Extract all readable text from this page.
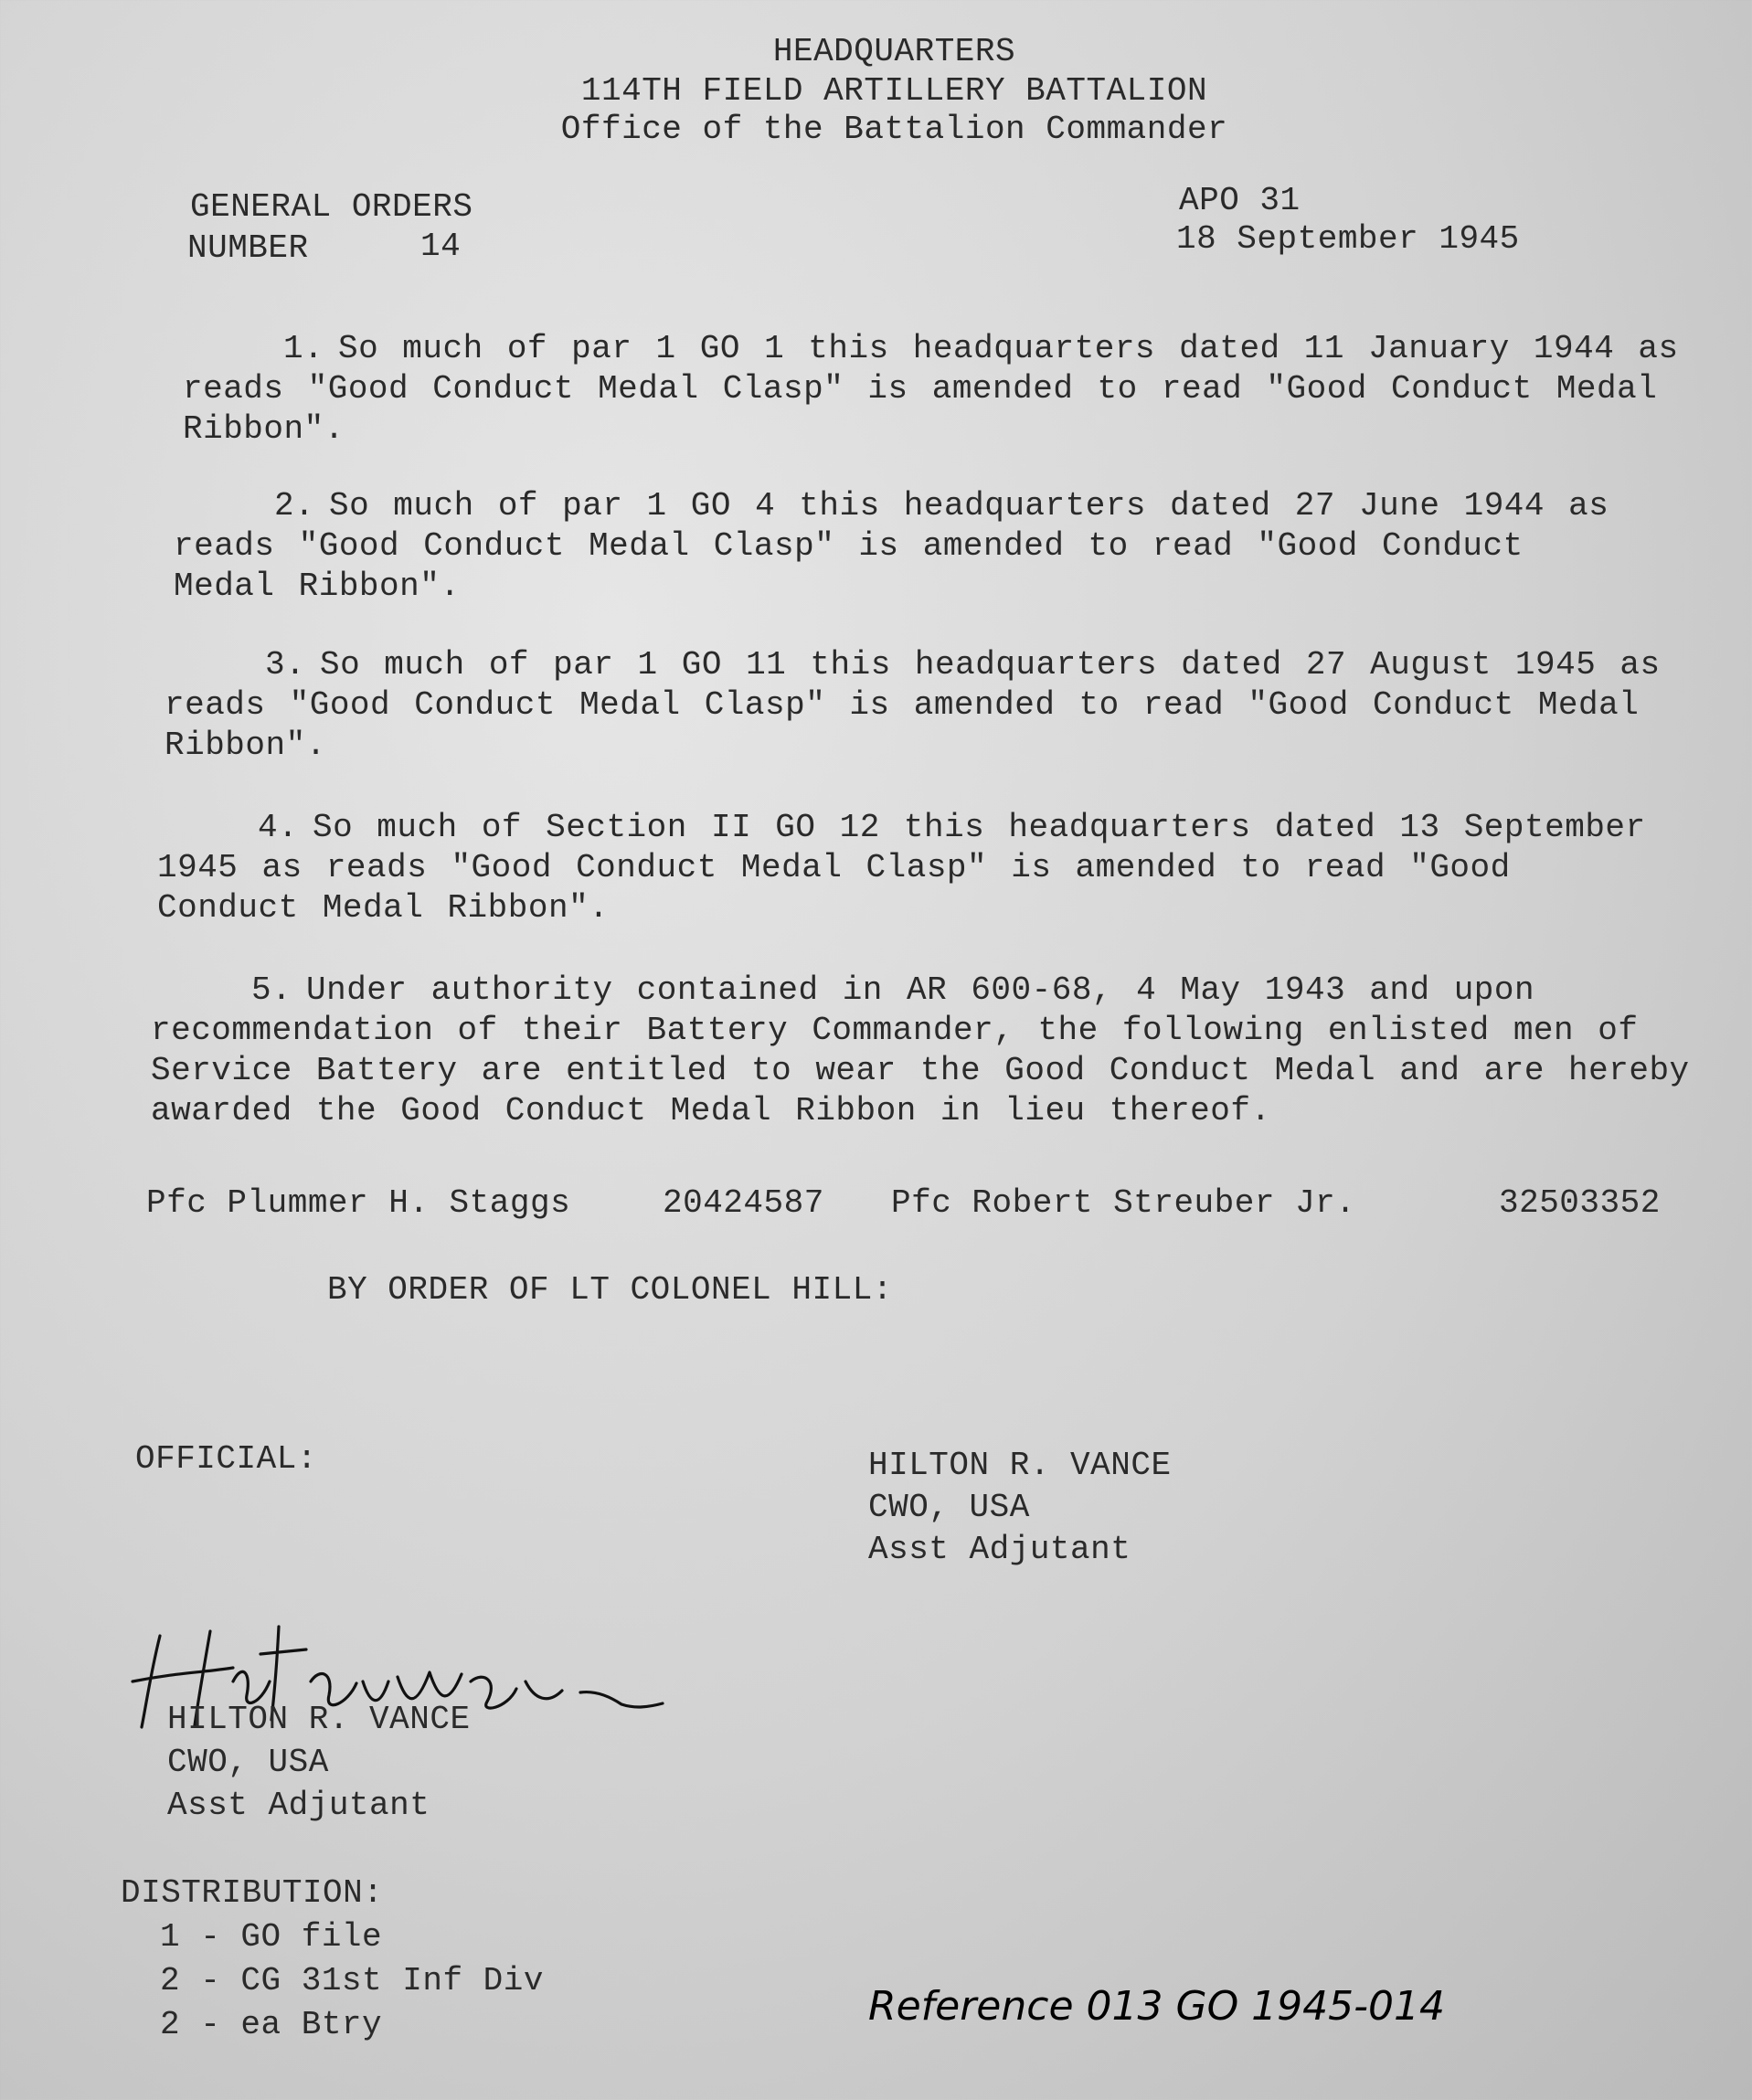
HEADQUARTERS
114TH FIELD ARTILLERY BATTALION
Office of the Battalion Commander
GENERAL ORDERS
NUMBER	14
APO 31
18 September 1945
1. So much of par 1 GO 1 this headquarters dated 11 January 1944 as reads "Good Conduct Medal Clasp" is amended to read "Good Conduct Medal Ribbon".
2. So much of par 1 GO 4 this headquarters dated 27 June 1944 as reads "Good Conduct Medal Clasp" is amended to read "Good Conduct Medal Ribbon".
3. So much of par 1 GO 11 this headquarters dated 27 August 1945 as reads "Good Conduct Medal Clasp" is amended to read "Good Conduct Medal Ribbon".
4. So much of Section II GO 12 this headquarters dated 13 September 1945 as reads "Good Conduct Medal Clasp" is amended to read "Good Conduct Medal Ribbon".
5. Under authority contained in AR 600-68, 4 May 1943 and upon recommendation of their Battery Commander, the following enlisted men of Service Battery are entitled to wear the Good Conduct Medal and are hereby awarded the Good Conduct Medal Ribbon in lieu thereof.
Pfc Plummer H. Staggs	20424587 Pfc Robert Streuber Jr.	32503352
BY ORDER OF LT COLONEL HILL:
OFFICIAL:	HILTON R. VANCE
CWO, USA
Asst Adjutant
HILTON R. VANCE
CWO, USA
Asst Adjutant
DISTRIBUTION:
1 - GO file
2 - CG 31st Inf Div
2 - ea Btry	Reference 013 GO 1945-014
